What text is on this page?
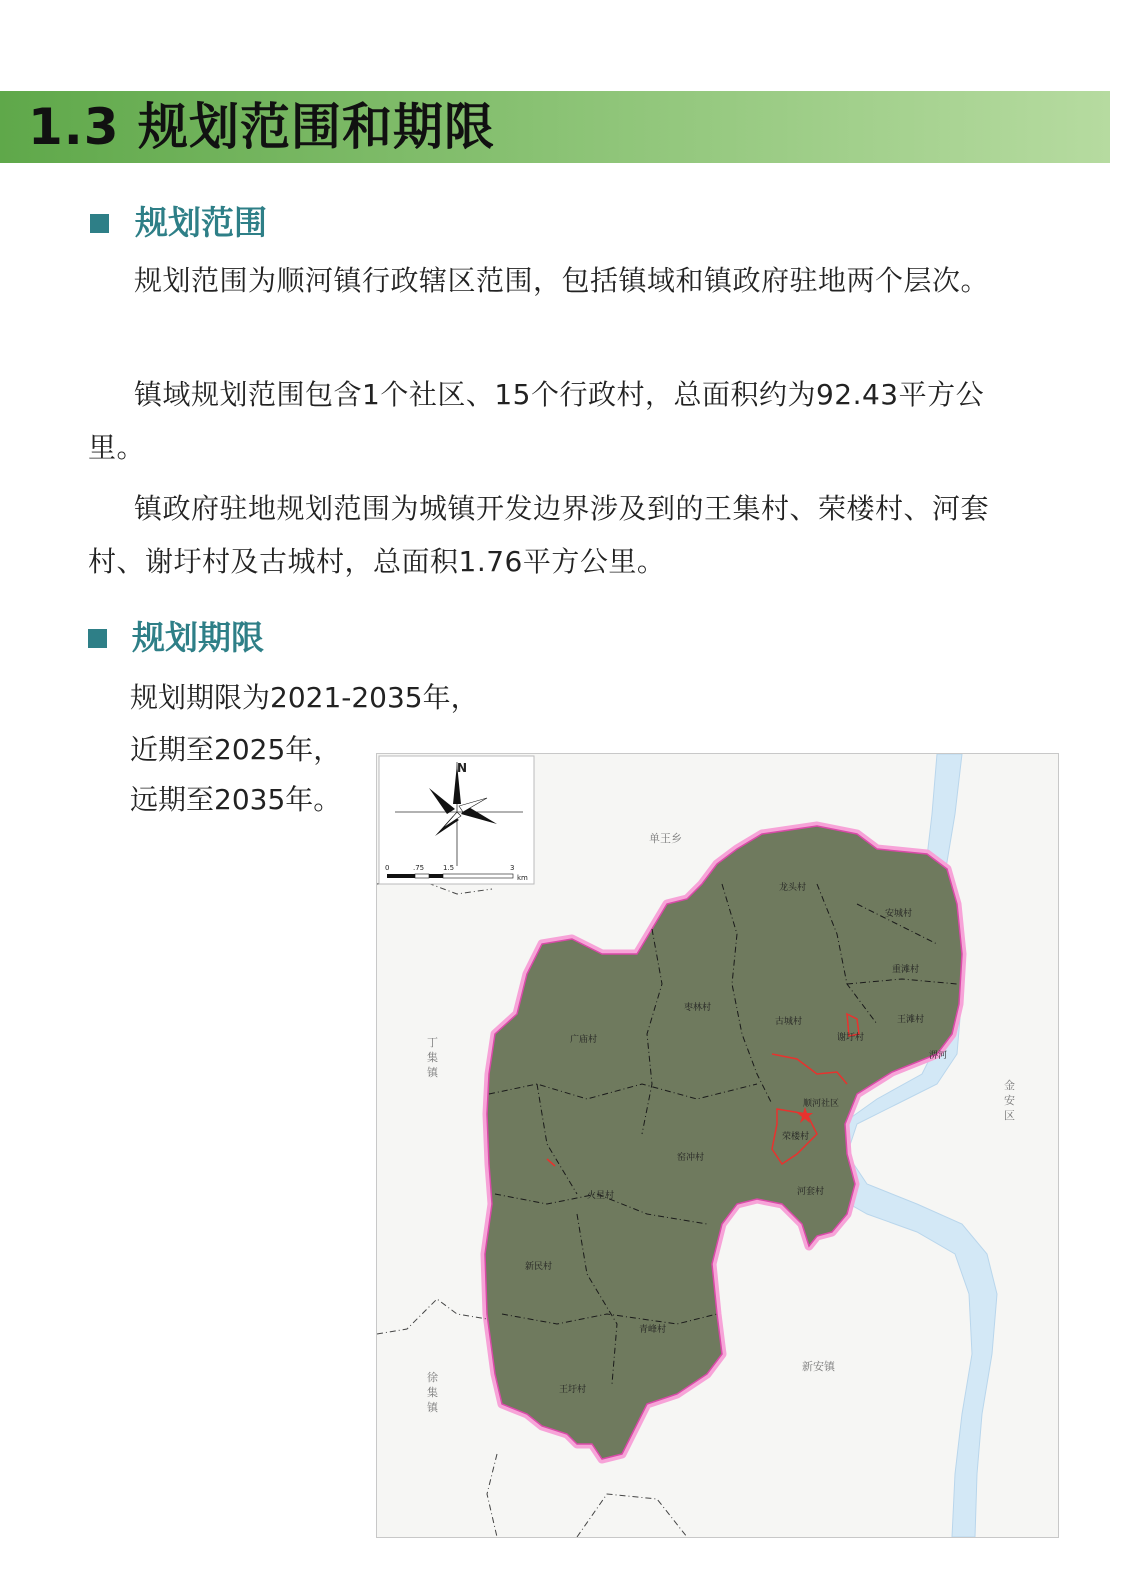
1.3 规划范围和期限
规划范围
规划范围为顺河镇行政辖区范围，包括镇域和镇政府驻地两个层次。
镇域规划范围包含1个社区、15个行政村，总面积约为92.43平方公里。
镇政府驻地规划范围为城镇开发边界涉及到的王集村、荣楼村、河套村、谢圩村及古城村，总面积1.76平方公里。
规划期限
规划期限为2021-2035年，
近期至2025年，
远期至2035年。
N
0	.75	1.5	3
km
单王乡
丁
集
镇
徐
集
镇
金
安
区
新安镇
龙头村
安城村
重滩村
枣林村
古城村	王滩村
广庙村	谢圩村
淠河
顺河社区
荣楼村
窑冲村
河套村
火星村
新民村
青峰村
王圩村
